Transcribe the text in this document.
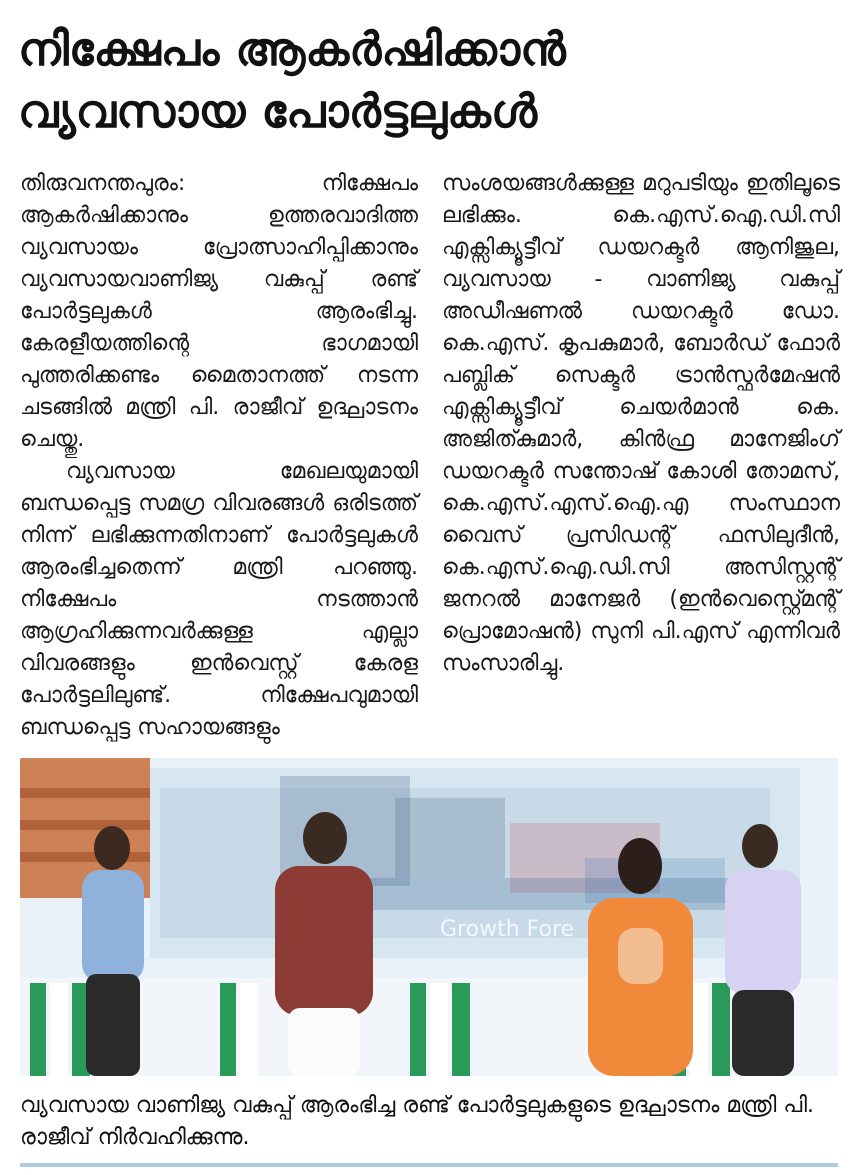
നിക്ഷേപം ആകർഷിക്കാൻ
വ്യവസായ പോർട്ടലുകൾ

തിരുവനന്തപുരം: നിക്ഷേപം ആകർഷിക്കാനും ഉത്തരവാദിത്ത വ്യവസായം പ്രോത്സാഹിപ്പിക്കാനും വ്യവസായവാണിജ്യ വകുപ്പ് രണ്ട് പോർട്ടലുകൾ ആരംഭിച്ചു. കേരളീയത്തിന്റെ ഭാഗമായി പുത്തരിക്കണ്ടം മൈതാനത്ത് നടന്ന ചടങ്ങിൽ മന്ത്രി പി. രാജീവ് ഉദ്ഘാടനം ചെയ്തു.

വ്യവസായ മേഖലയുമായി ബന്ധപ്പെട്ട സമഗ്ര വിവരങ്ങൾ ഒരിടത്ത് നിന്ന് ലഭിക്കുന്നതിനാണ് പോർട്ടലുകൾ ആരംഭിച്ചതെന്ന് മന്ത്രി പറഞ്ഞു. നിക്ഷേപം നടത്താൻ ആഗ്രഹിക്കുന്നവർക്കുള്ള എല്ലാ വിവരങ്ങളും ഇൻവെസ്റ്റ് കേരള പോർട്ടലിലുണ്ട്. നിക്ഷേപവുമായി ബന്ധപ്പെട്ട സഹായങ്ങളും

സംശയങ്ങൾക്കുള്ള മറുപടിയും ഇതിലൂടെ ലഭിക്കും. കെ.എസ്.ഐ.ഡി.സി എക്സിക്യൂട്ടീവ് ഡയറക്ടർ ആനിജുല, വ്യവസായ - വാണിജ്യ വകുപ്പ് അഡീഷണൽ ഡയറക്ടർ ഡോ. കെ.എസ്. കൃപകുമാർ, ബോർഡ് ഫോർ പബ്ലിക് സെക്ടർ ട്രാൻസ്ഫർമേഷൻ എക്സിക്യൂട്ടീവ് ചെയർമാൻ കെ. അജിത്കുമാർ, കിൻഫ്ര മാനേജിംഗ് ഡയറക്ടർ സന്തോഷ് കോശി തോമസ്, കെ.എസ്.എസ്.ഐ.എ സംസ്ഥാന വൈസ് പ്രസിഡന്റ് ഫസിലുദീൻ, കെ.എസ്.ഐ.ഡി.സി അസിസ്റ്റന്റ് ജനറൽ മാനേജർ (ഇൻവെസ്റ്റ്മെന്റ് പ്രൊമോഷൻ) സുനി പി.എസ് എന്നിവർ സംസാരിച്ചു.

Growth Fore
വ്യവസായ വാണിജ്യ വകുപ്പ് ആരംഭിച്ച രണ്ട് പോർട്ടലുകളുടെ ഉദ്ഘാടനം മന്ത്രി പി. രാജീവ് നിർവഹിക്കുന്നു.
